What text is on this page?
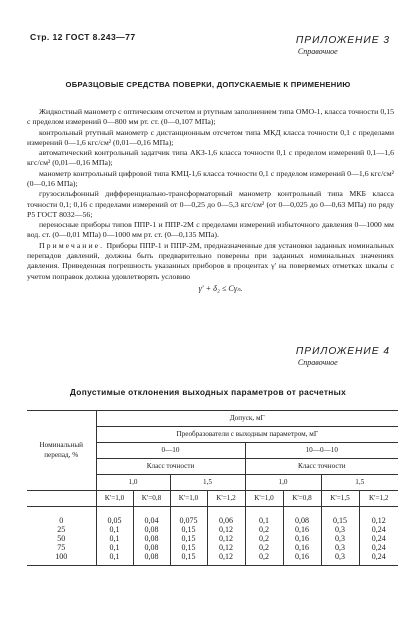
Стр. 12 ГОСТ 8.243—77	ПРИЛОЖЕНИЕ 3
Справочное
ОБРАЗЦОВЫЕ СРЕДСТВА ПОВЕРКИ, ДОПУСКАЕМЫЕ К ПРИМЕНЕНИЮ

Жидкостный манометр с оптическим отсчетом и ртутным заполнением типа ОМО-1, класса точности 0,15 с пределом измерений 0—800 мм рт. ст. (0—0,107 МПа);

контрольный ртутный манометр с дистанционным отсчетом типа МКД класса точности 0,1 с пределами измерений 0—1,6 кгс/см² (0,01—0,16 МПа);

автоматический контрольный задатчик типа АКЗ-1,6 класса точности 0,1 с пределом измерений 0,1—1,6 кгс/см² (0,01—0,16 МПа);

манометр контрольный цифровой типа КМЦ-1,6 класса точности 0,1 с пределом измерений 0—1,6 кгс/см² (0—0,16 МПа);

грузосильфонный дифференциально-трансформаторный манометр контрольный типа МКБ класса точности 0,1; 0,16 с пределами измерений от 0—0,25 до 0—5,3 кгс/см² (от 0—0,025 до 0—0,63 МПа) по ряду Р5 ГОСТ 8032—56;

переносные приборы типов ППР-1 и ППР-2М с пределами измерений избыточного давления 0—1000 мм вод. ст. (0—0,01 МПа) 0—1000 мм рт. ст. (0—0,135 МПа).

Примечание. Приборы ППР-1 и ППР-2М, предназначенные для установки заданных номинальных перепадов давлений, должны быть предварительно поверены при заданных номинальных значениях давления. Приведенная погрешность указанных приборов в процентах γ' на поверяемых отметках шкалы с учетом поправок должна удовлетворять условию

γ' + δ₂ ≤ Cγₙ.
ПРИЛОЖЕНИЕ 4
Справочное
Допустимые отклонения выходных параметров от расчетных
Номинальный перепад, %	Допуск, мГ							
	Преобразователи с выходным параметром, мГ							
	0—10				10—0—10			
	Класс точности				Класс точности			
	1,0		1,5		1,0		1,5	
	K'=1,0	K'=0,8	K'=1,0	K'=1,2	K'=1,0	K'=0,8	K'=1,5	K'=1,2
0	0,05	0,04	0,075	0,06	0,1	0,08	0,15	0,12
25	0,1	0,08	0,15	0,12	0,2	0,16	0,3	0,24
50	0,1	0,08	0,15	0,12	0,2	0,16	0,3	0,24
75	0,1	0,08	0,15	0,12	0,2	0,16	0,3	0,24
100	0,1	0,08	0,15	0,12	0,2	0,16	0,3	0,24
